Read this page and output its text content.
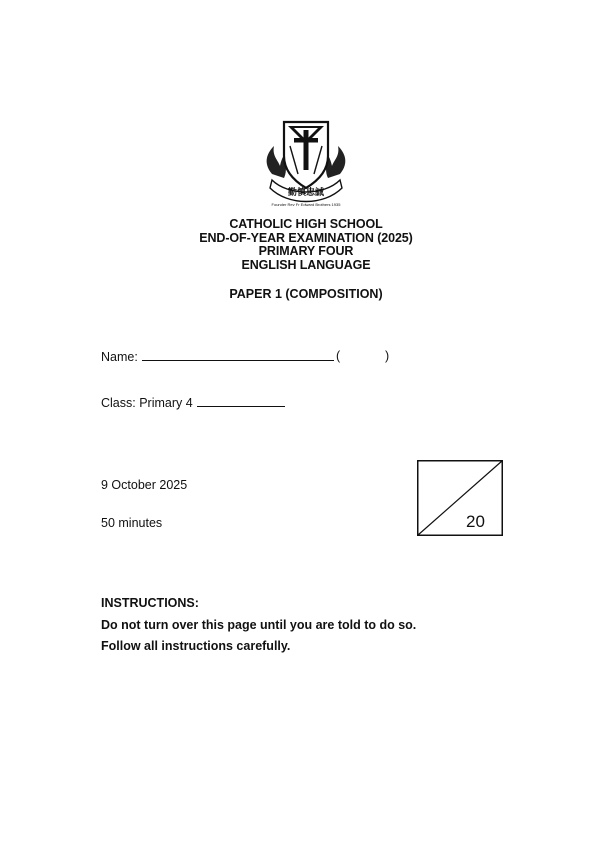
勤慎忠誠
Founder Rev Fr Edward Brothers 1935
CATHOLIC HIGH SCHOOL
END-OF-YEAR EXAMINATION (2025)
PRIMARY FOUR
ENGLISH LANGUAGE
PAPER 1 (COMPOSITION)
Name:	(	)
Class: Primary 4
9 October 2025
50 minutes	20
INSTRUCTIONS:
Do not turn over this page until you are told to do so.
Follow all instructions carefully.
